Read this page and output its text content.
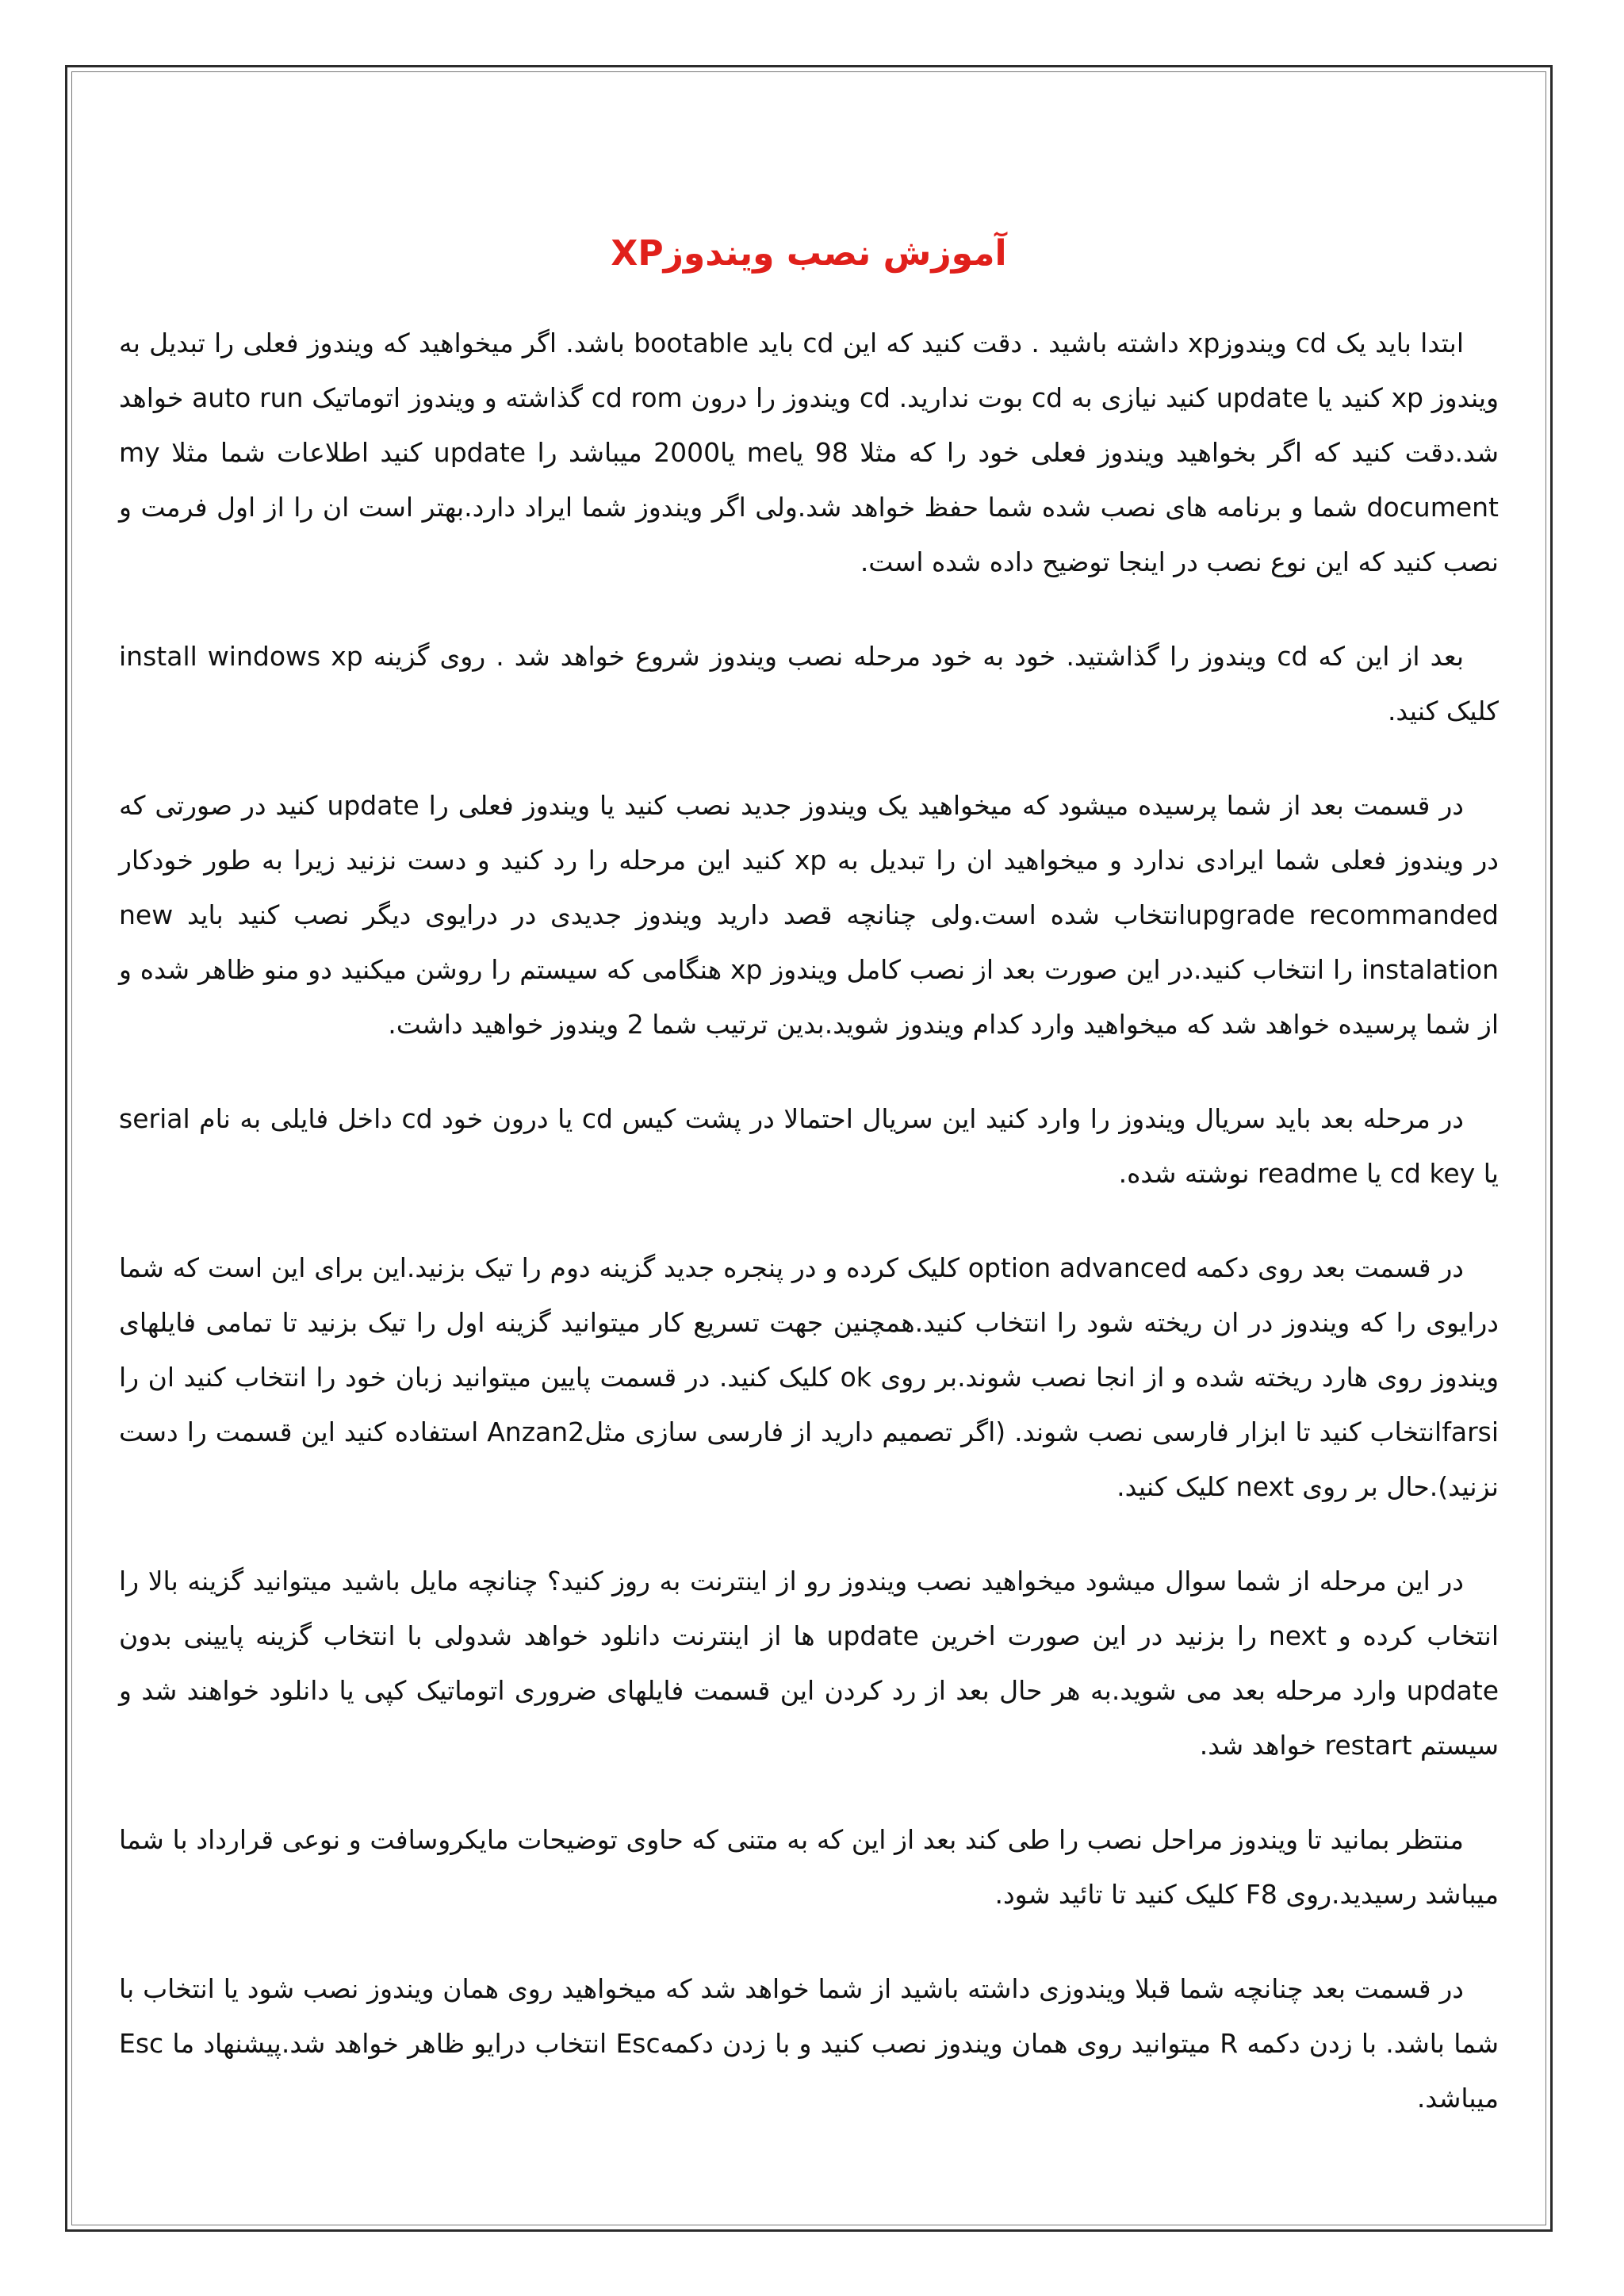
آموزش نصب ویندوزXP

ابتدا باید یک cd ویندوزxp داشته باشید . دقت کنید که این cd باید bootable باشد. اگر میخواهید که ویندوز فعلی را تبدیل به ویندوز xp کنید یا update کنید نیازی به cd بوت ندارید. cd ویندوز را درون cd rom گذاشته و ویندوز اتوماتیک auto run خواهد شد.دقت کنید که اگر بخواهید ویندوز فعلی خود را که مثلا 98 یاme یا2000 میباشد را update کنید اطلاعات شما مثلا my document شما و برنامه های نصب شده شما حفظ خواهد شد.ولی اگر ویندوز شما ایراد دارد.بهتر است ان را از اول فرمت و نصب کنید که این نوع نصب در اینجا توضیح داده شده است.

بعد از این که cd ویندوز را گذاشتید. خود به خود مرحله نصب ویندوز شروع خواهد شد . روی گزینه install windows xp کلیک کنید.

در قسمت بعد از شما پرسیده میشود که میخواهید یک ویندوز جدید نصب کنید یا ویندوز فعلی را update کنید در صورتی که در ویندوز فعلی شما ایرادی ندارد و میخواهید ان را تبدیل به xp کنید این مرحله را رد کنید و دست نزنید زیرا به طور خودکار upgrade recommandedانتخاب شده است.ولی چنانچه قصد دارید ویندوز جدیدی در درایوی دیگر نصب کنید باید new instalation را انتخاب کنید.در این صورت بعد از نصب کامل ویندوز xp هنگامی که سیستم را روشن میکنید دو منو ظاهر شده و از شما پرسیده خواهد شد که میخواهید وارد کدام ویندوز شوید.بدین ترتیب شما 2 ویندوز خواهید داشت.

در مرحله بعد باید سریال ویندوز را وارد کنید این سریال احتمالا در پشت کیس cd یا درون خود cd داخل فایلی به نام serial یا cd key یا readme نوشته شده.

در قسمت بعد روی دکمه option advanced کلیک کرده و در پنجره جدید گزینه دوم را تیک بزنید.این برای این است که شما درایوی را که ویندوز در ان ریخته شود را انتخاب کنید.همچنین جهت تسریع کار میتوانید گزینه اول را تیک بزنید تا تمامی فایلهای ویندوز روی هارد ریخته شده و از انجا نصب شوند.بر روی ok کلیک کنید. در قسمت پایین میتوانید زبان خود را انتخاب کنید ان را farsiانتخاب کنید تا ابزار فارسی نصب شوند. (اگر تصمیم دارید از فارسی سازی مثلAnzan2 استفاده کنید این قسمت را دست نزنید).حال بر روی next کلیک کنید.

در این مرحله از شما سوال میشود میخواهید نصب ویندوز رو از اینترنت به روز کنید؟ چنانچه مایل باشید میتوانید گزینه بالا را انتخاب کرده و next را بزنید در این صورت اخرین update ها از اینترنت دانلود خواهد شدولی با انتخاب گزینه پایینی بدون update وارد مرحله بعد می شوید.به هر حال بعد از رد کردن این قسمت فایلهای ضروری اتوماتیک کپی یا دانلود خواهند شد و سیستم restart خواهد شد.

منتظر بمانید تا ویندوز مراحل نصب را طی کند بعد از این که به متنی که حاوی توضیحات مایکروسافت و نوعی قرارداد با شما میباشد رسیدید.روی F8 کلیک کنید تا تائید شود.

در قسمت بعد چنانچه شما قبلا ویندوزی داشته باشید از شما خواهد شد که میخواهید روی همان ویندوز نصب شود یا انتخاب با شما باشد. با زدن دکمه R میتوانید روی همان ویندوز نصب کنید و با زدن دکمهEsc انتخاب درایو ظاهر خواهد شد.پیشنهاد ما Esc میباشد.
